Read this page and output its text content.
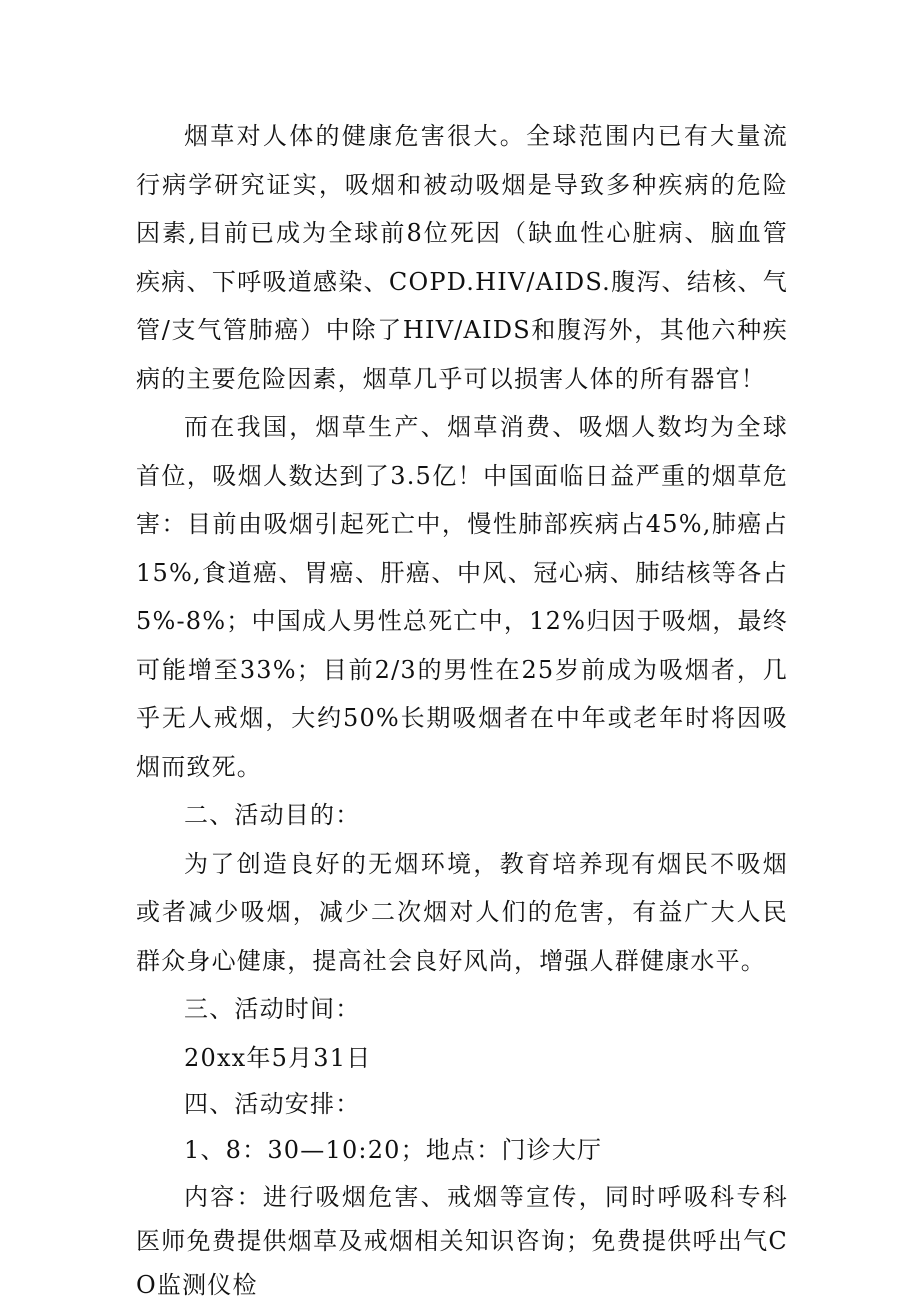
烟草对人体的健康危害很大。全球范围内已有大量流行病学研究证实，吸烟和被动吸烟是导致多种疾病的危险因素,目前已成为全球前8位死因（缺血性心脏病、脑血管疾病、下呼吸道感染、COPD.HIV/AIDS.腹泻、结核、气管/支气管肺癌）中除了HIV/AIDS和腹泻外，其他六种疾病的主要危险因素，烟草几乎可以损害人体的所有器官！

而在我国，烟草生产、烟草消费、吸烟人数均为全球首位，吸烟人数达到了3.5亿！中国面临日益严重的烟草危害：目前由吸烟引起死亡中，慢性肺部疾病占45%,肺癌占15%,食道癌、胃癌、肝癌、中风、冠心病、肺结核等各占5%-8%；中国成人男性总死亡中，12%归因于吸烟，最终可能增至33%；目前2/3的男性在25岁前成为吸烟者，几乎无人戒烟，大约50%长期吸烟者在中年或老年时将因吸烟而致死。

二、活动目的：

为了创造良好的无烟环境，教育培养现有烟民不吸烟或者减少吸烟，减少二次烟对人们的危害，有益广大人民群众身心健康，提高社会良好风尚，增强人群健康水平。

三、活动时间：

20xx年5月31日

四、活动安排：

1、8：30—10:20；地点：门诊大厅

内容：进行吸烟危害、戒烟等宣传，同时呼吸科专科医师免费提供烟草及戒烟相关知识咨询；免费提供呼出气CO监测仪检
